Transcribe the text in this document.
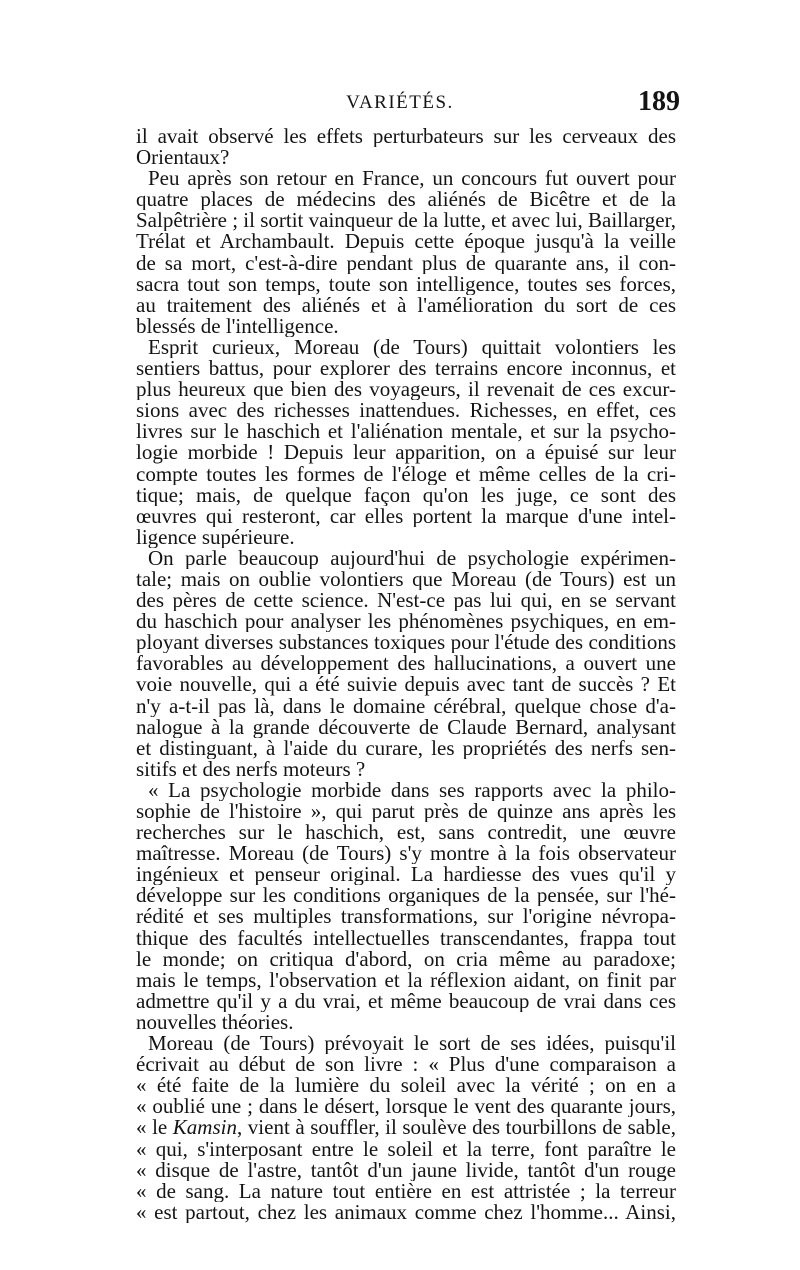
VARIÉTÉS.	189
il avait observé les effets perturbateurs sur les cerveaux des
Orientaux?
Peu après son retour en France, un concours fut ouvert pour
quatre places de médecins des aliénés de Bicêtre et de la
Salpêtrière ; il sortit vainqueur de la lutte, et avec lui, Baillarger,
Trélat et Archambault. Depuis cette époque jusqu'à la veille
de sa mort, c'est-à-dire pendant plus de quarante ans, il con-
sacra tout son temps, toute son intelligence, toutes ses forces,
au traitement des aliénés et à l'amélioration du sort de ces
blessés de l'intelligence.
Esprit curieux, Moreau (de Tours) quittait volontiers les
sentiers battus, pour explorer des terrains encore inconnus, et
plus heureux que bien des voyageurs, il revenait de ces excur-
sions avec des richesses inattendues. Richesses, en effet, ces
livres sur le haschich et l'aliénation mentale, et sur la psycho-
logie morbide ! Depuis leur apparition, on a épuisé sur leur
compte toutes les formes de l'éloge et même celles de la cri-
tique; mais, de quelque façon qu'on les juge, ce sont des
œuvres qui resteront, car elles portent la marque d'une intel-
ligence supérieure.
On parle beaucoup aujourd'hui de psychologie expérimen-
tale; mais on oublie volontiers que Moreau (de Tours) est un
des pères de cette science. N'est-ce pas lui qui, en se servant
du haschich pour analyser les phénomènes psychiques, en em-
ployant diverses substances toxiques pour l'étude des conditions
favorables au développement des hallucinations, a ouvert une
voie nouvelle, qui a été suivie depuis avec tant de succès ? Et
n'y a-t-il pas là, dans le domaine cérébral, quelque chose d'a-
nalogue à la grande découverte de Claude Bernard, analysant
et distinguant, à l'aide du curare, les propriétés des nerfs sen-
sitifs et des nerfs moteurs ?
« La psychologie morbide dans ses rapports avec la philo-
sophie de l'histoire », qui parut près de quinze ans après les
recherches sur le haschich, est, sans contredit, une œuvre
maîtresse. Moreau (de Tours) s'y montre à la fois observateur
ingénieux et penseur original. La hardiesse des vues qu'il y
développe sur les conditions organiques de la pensée, sur l'hé-
rédité et ses multiples transformations, sur l'origine névropa-
thique des facultés intellectuelles transcendantes, frappa tout
le monde; on critiqua d'abord, on cria même au paradoxe;
mais le temps, l'observation et la réflexion aidant, on finit par
admettre qu'il y a du vrai, et même beaucoup de vrai dans ces
nouvelles théories.
Moreau (de Tours) prévoyait le sort de ses idées, puisqu'il
écrivait au début de son livre : « Plus d'une comparaison a
« été faite de la lumière du soleil avec la vérité ; on en a
« oublié une ; dans le désert, lorsque le vent des quarante jours,
« le Kamsin, vient à souffler, il soulève des tourbillons de sable,
« qui, s'interposant entre le soleil et la terre, font paraître le
« disque de l'astre, tantôt d'un jaune livide, tantôt d'un rouge
« de sang. La nature tout entière en est attristée ; la terreur
« est partout, chez les animaux comme chez l'homme... Ainsi,
